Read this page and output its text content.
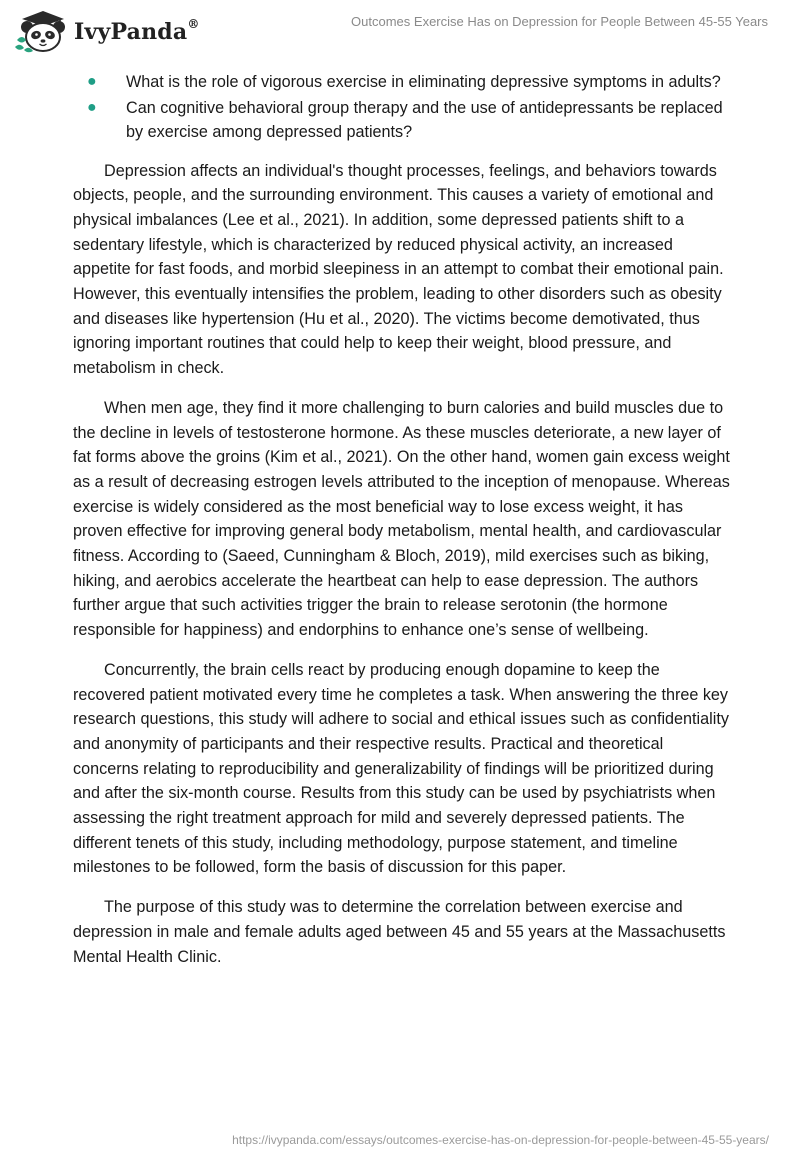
IvyPanda®	Outcomes Exercise Has on Depression for People Between 45-55 Years
● What is the role of vigorous exercise in eliminating depressive symptoms in adults?
● Can cognitive behavioral group therapy and the use of antidepressants be replaced by exercise among depressed patients?

Depression affects an individual's thought processes, feelings, and behaviors towards objects, people, and the surrounding environment. This causes a variety of emotional and physical imbalances (Lee et al., 2021). In addition, some depressed patients shift to a sedentary lifestyle, which is characterized by reduced physical activity, an increased appetite for fast foods, and morbid sleepiness in an attempt to combat their emotional pain. However, this eventually intensifies the problem, leading to other disorders such as obesity and diseases like hypertension (Hu et al., 2020). The victims become demotivated, thus ignoring important routines that could help to keep their weight, blood pressure, and metabolism in check.

When men age, they find it more challenging to burn calories and build muscles due to the decline in levels of testosterone hormone. As these muscles deteriorate, a new layer of fat forms above the groins (Kim et al., 2021). On the other hand, women gain excess weight as a result of decreasing estrogen levels attributed to the inception of menopause. Whereas exercise is widely considered as the most beneficial way to lose excess weight, it has proven effective for improving general body metabolism, mental health, and cardiovascular fitness. According to (Saeed, Cunningham & Bloch, 2019), mild exercises such as biking, hiking, and aerobics accelerate the heartbeat can help to ease depression. The authors further argue that such activities trigger the brain to release serotonin (the hormone responsible for happiness) and endorphins to enhance one’s sense of wellbeing.

Concurrently, the brain cells react by producing enough dopamine to keep the recovered patient motivated every time he completes a task. When answering the three key research questions, this study will adhere to social and ethical issues such as confidentiality and anonymity of participants and their respective results. Practical and theoretical concerns relating to reproducibility and generalizability of findings will be prioritized during and after the six-month course. Results from this study can be used by psychiatrists when assessing the right treatment approach for mild and severely depressed patients. The different tenets of this study, including methodology, purpose statement, and timeline milestones to be followed, form the basis of discussion for this paper.

The purpose of this study was to determine the correlation between exercise and depression in male and female adults aged between 45 and 55 years at the Massachusetts Mental Health Clinic.

https://ivypanda.com/essays/outcomes-exercise-has-on-depression-for-people-between-45-55-years/
